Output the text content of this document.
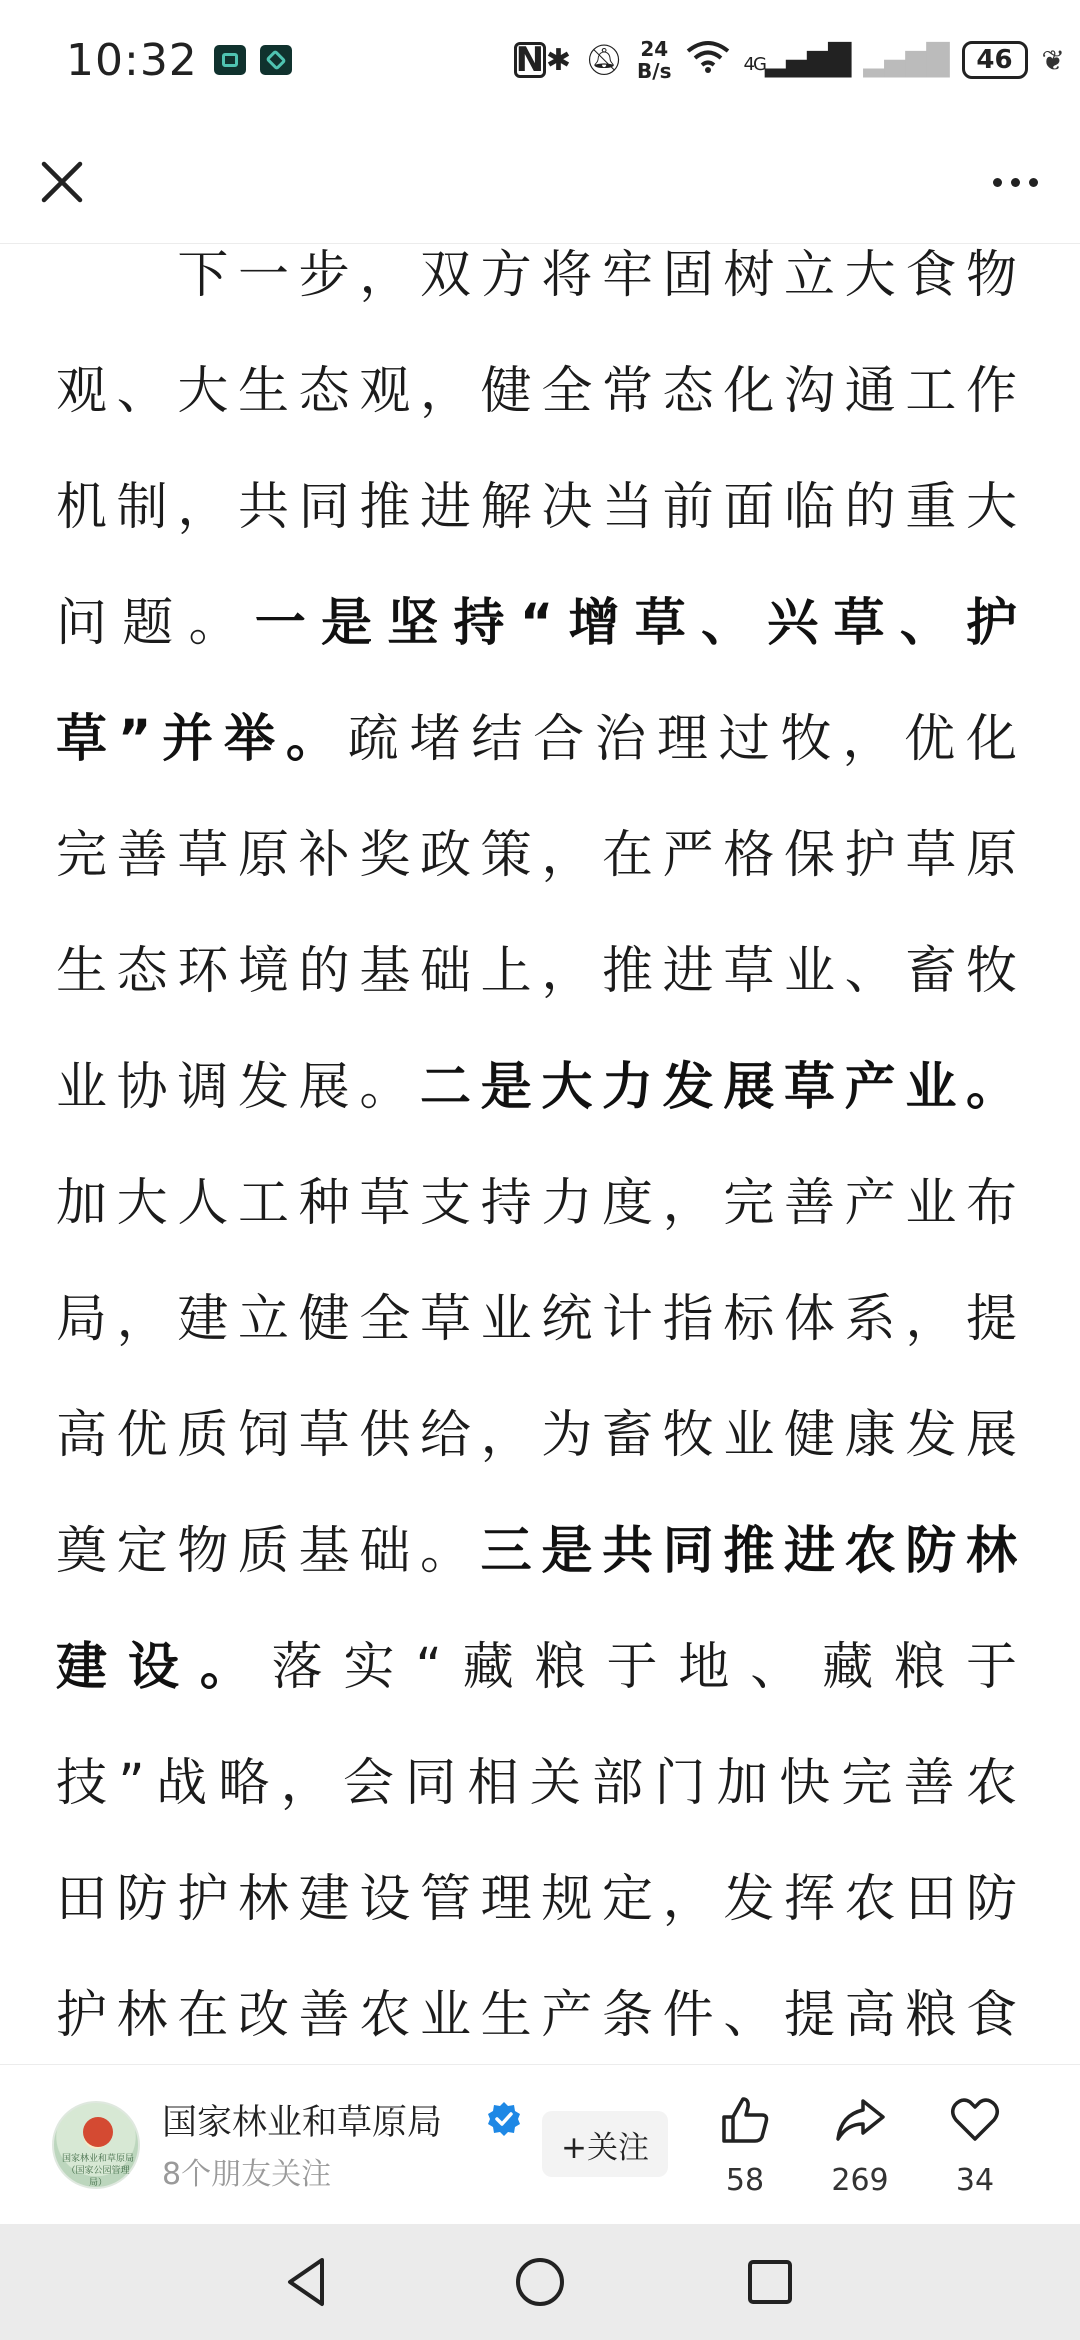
10:32	N ✱ 🔕︎ 24
B/s	4G▂▄▆█ ▂▄▆█ 46 ❦

　　下一步，双方将牢固树立大食物观、大生态观，健全常态化沟通工作机制，共同推进解决当前面临的重大问题。一是坚持“增草、兴草、护草”并举。疏堵结合治理过牧，优化完善草原补奖政策，在严格保护草原生态环境的基础上，推进草业、畜牧业协调发展。二是大力发展草产业。加大人工种草支持力度，完善产业布局，建立健全草业统计指标体系，提高优质饲草供给，为畜牧业健康发展奠定物质基础。三是共同推进农防林建设。落实“藏粮于地、藏粮于技”战略，会同相关部门加快完善农田防护林建设管理规定，发挥农田防护林在改善农业生产条件、提高粮食

国家林业和草原局（国家公园管理局）
国家林业和草原局
8个朋友关注
+关注
58	269	34
